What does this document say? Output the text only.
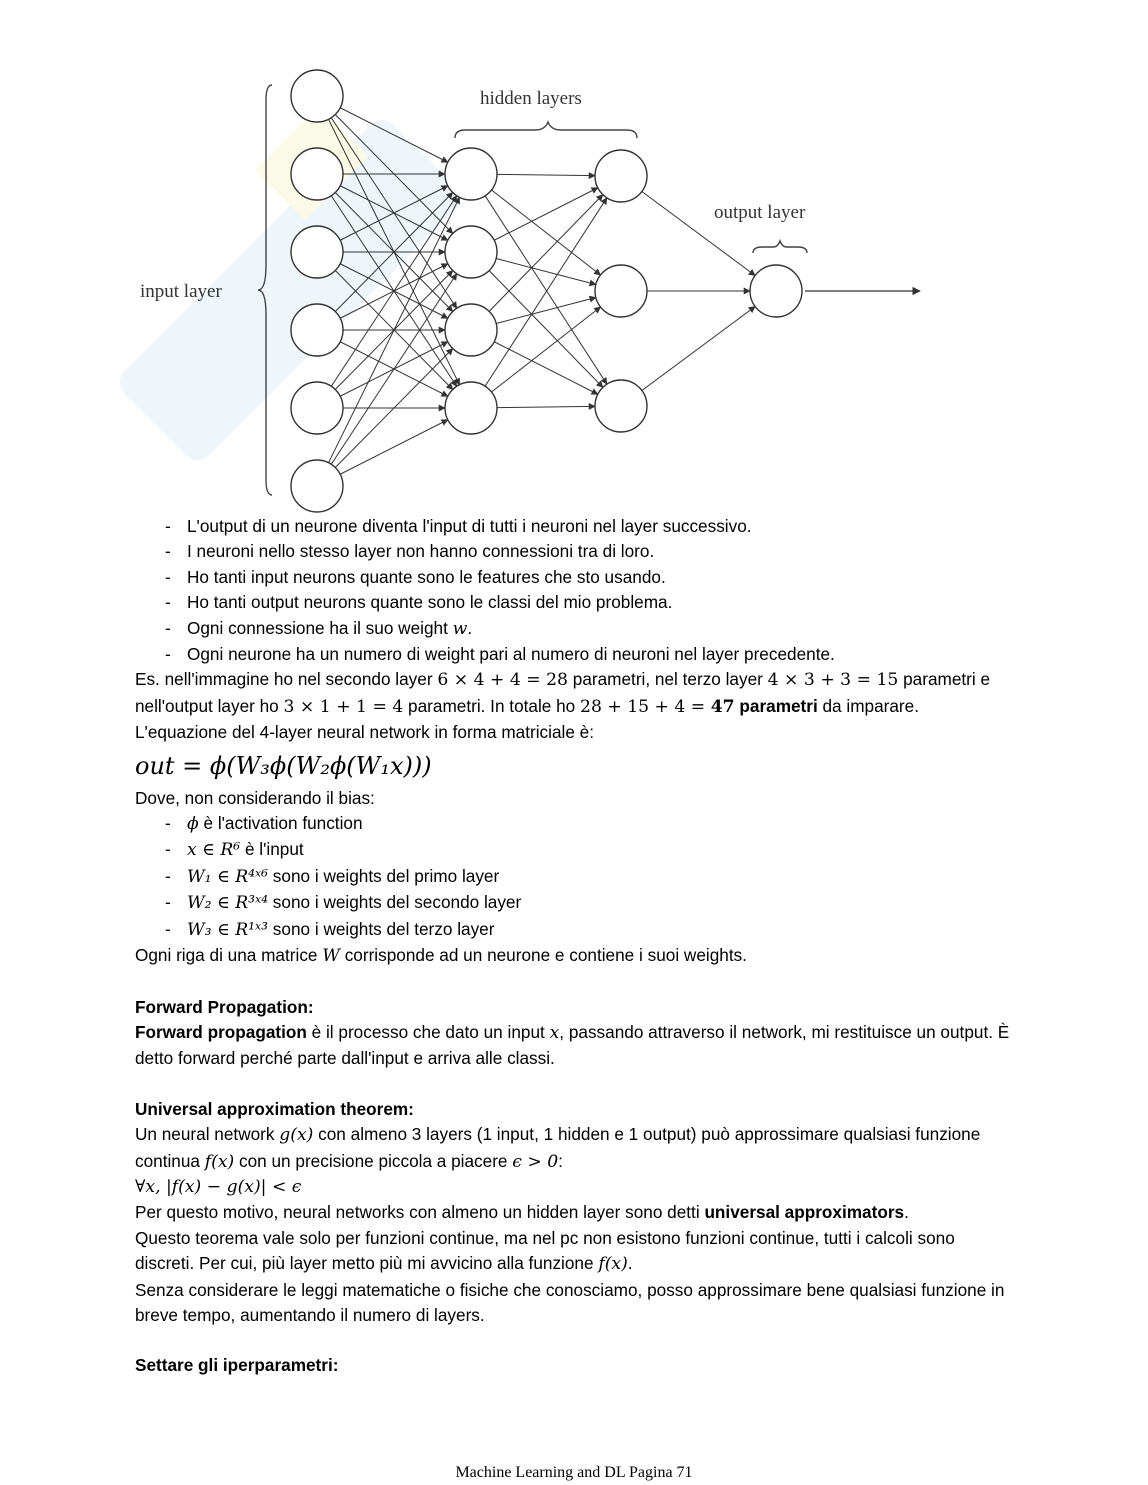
input layer
hidden layers
output layer
- L'output di un neurone diventa l'input di tutti i neuroni nel layer successivo.
- I neuroni nello stesso layer non hanno connessioni tra di loro.
- Ho tanti input neurons quante sono le features che sto usando.
- Ho tanti output neurons quante sono le classi del mio problema.
- Ogni connessione ha il suo weight w.
- Ogni neurone ha un numero di weight pari al numero di neuroni nel layer precedente.

Es. nell'immagine ho nel secondo layer 6 × 4 + 4 = 28 parametri, nel terzo layer 4 × 3 + 3 = 15 parametri e nell'output layer ho 3 × 1 + 1 = 4 parametri. In totale ho 28 + 15 + 4 = 47 parametri da imparare.

L'equazione del 4-layer neural network in forma matriciale è:

out = ϕ(W₃ϕ(W₂ϕ(W₁x)))

Dove, non considerando il bias:

- ϕ è l'activation function
- x ∈ R⁶ è l'input
- W₁ ∈ R⁴ˣ⁶ sono i weights del primo layer
- W₂ ∈ R³ˣ⁴ sono i weights del secondo layer
- W₃ ∈ R¹ˣ³ sono i weights del terzo layer

Ogni riga di una matrice W corrisponde ad un neurone e contiene i suoi weights.

Forward Propagation:

Forward propagation è il processo che dato un input x, passando attraverso il network, mi restituisce un output. È detto forward perché parte dall'input e arriva alle classi.

Universal approximation theorem:

Un neural network g(x) con almeno 3 layers (1 input, 1 hidden e 1 output) può approssimare qualsiasi funzione continua f(x) con un precisione piccola a piacere ϵ > 0:

∀x, |f(x) − g(x)| < ϵ

Per questo motivo, neural networks con almeno un hidden layer sono detti universal approximators.

Questo teorema vale solo per funzioni continue, ma nel pc non esistono funzioni continue, tutti i calcoli sono discreti. Per cui, più layer metto più mi avvicino alla funzione f(x).

Senza considerare le leggi matematiche o fisiche che conosciamo, posso approssimare bene qualsiasi funzione in breve tempo, aumentando il numero di layers.

Settare gli iperparametri:

Machine Learning and DL Pagina 71
